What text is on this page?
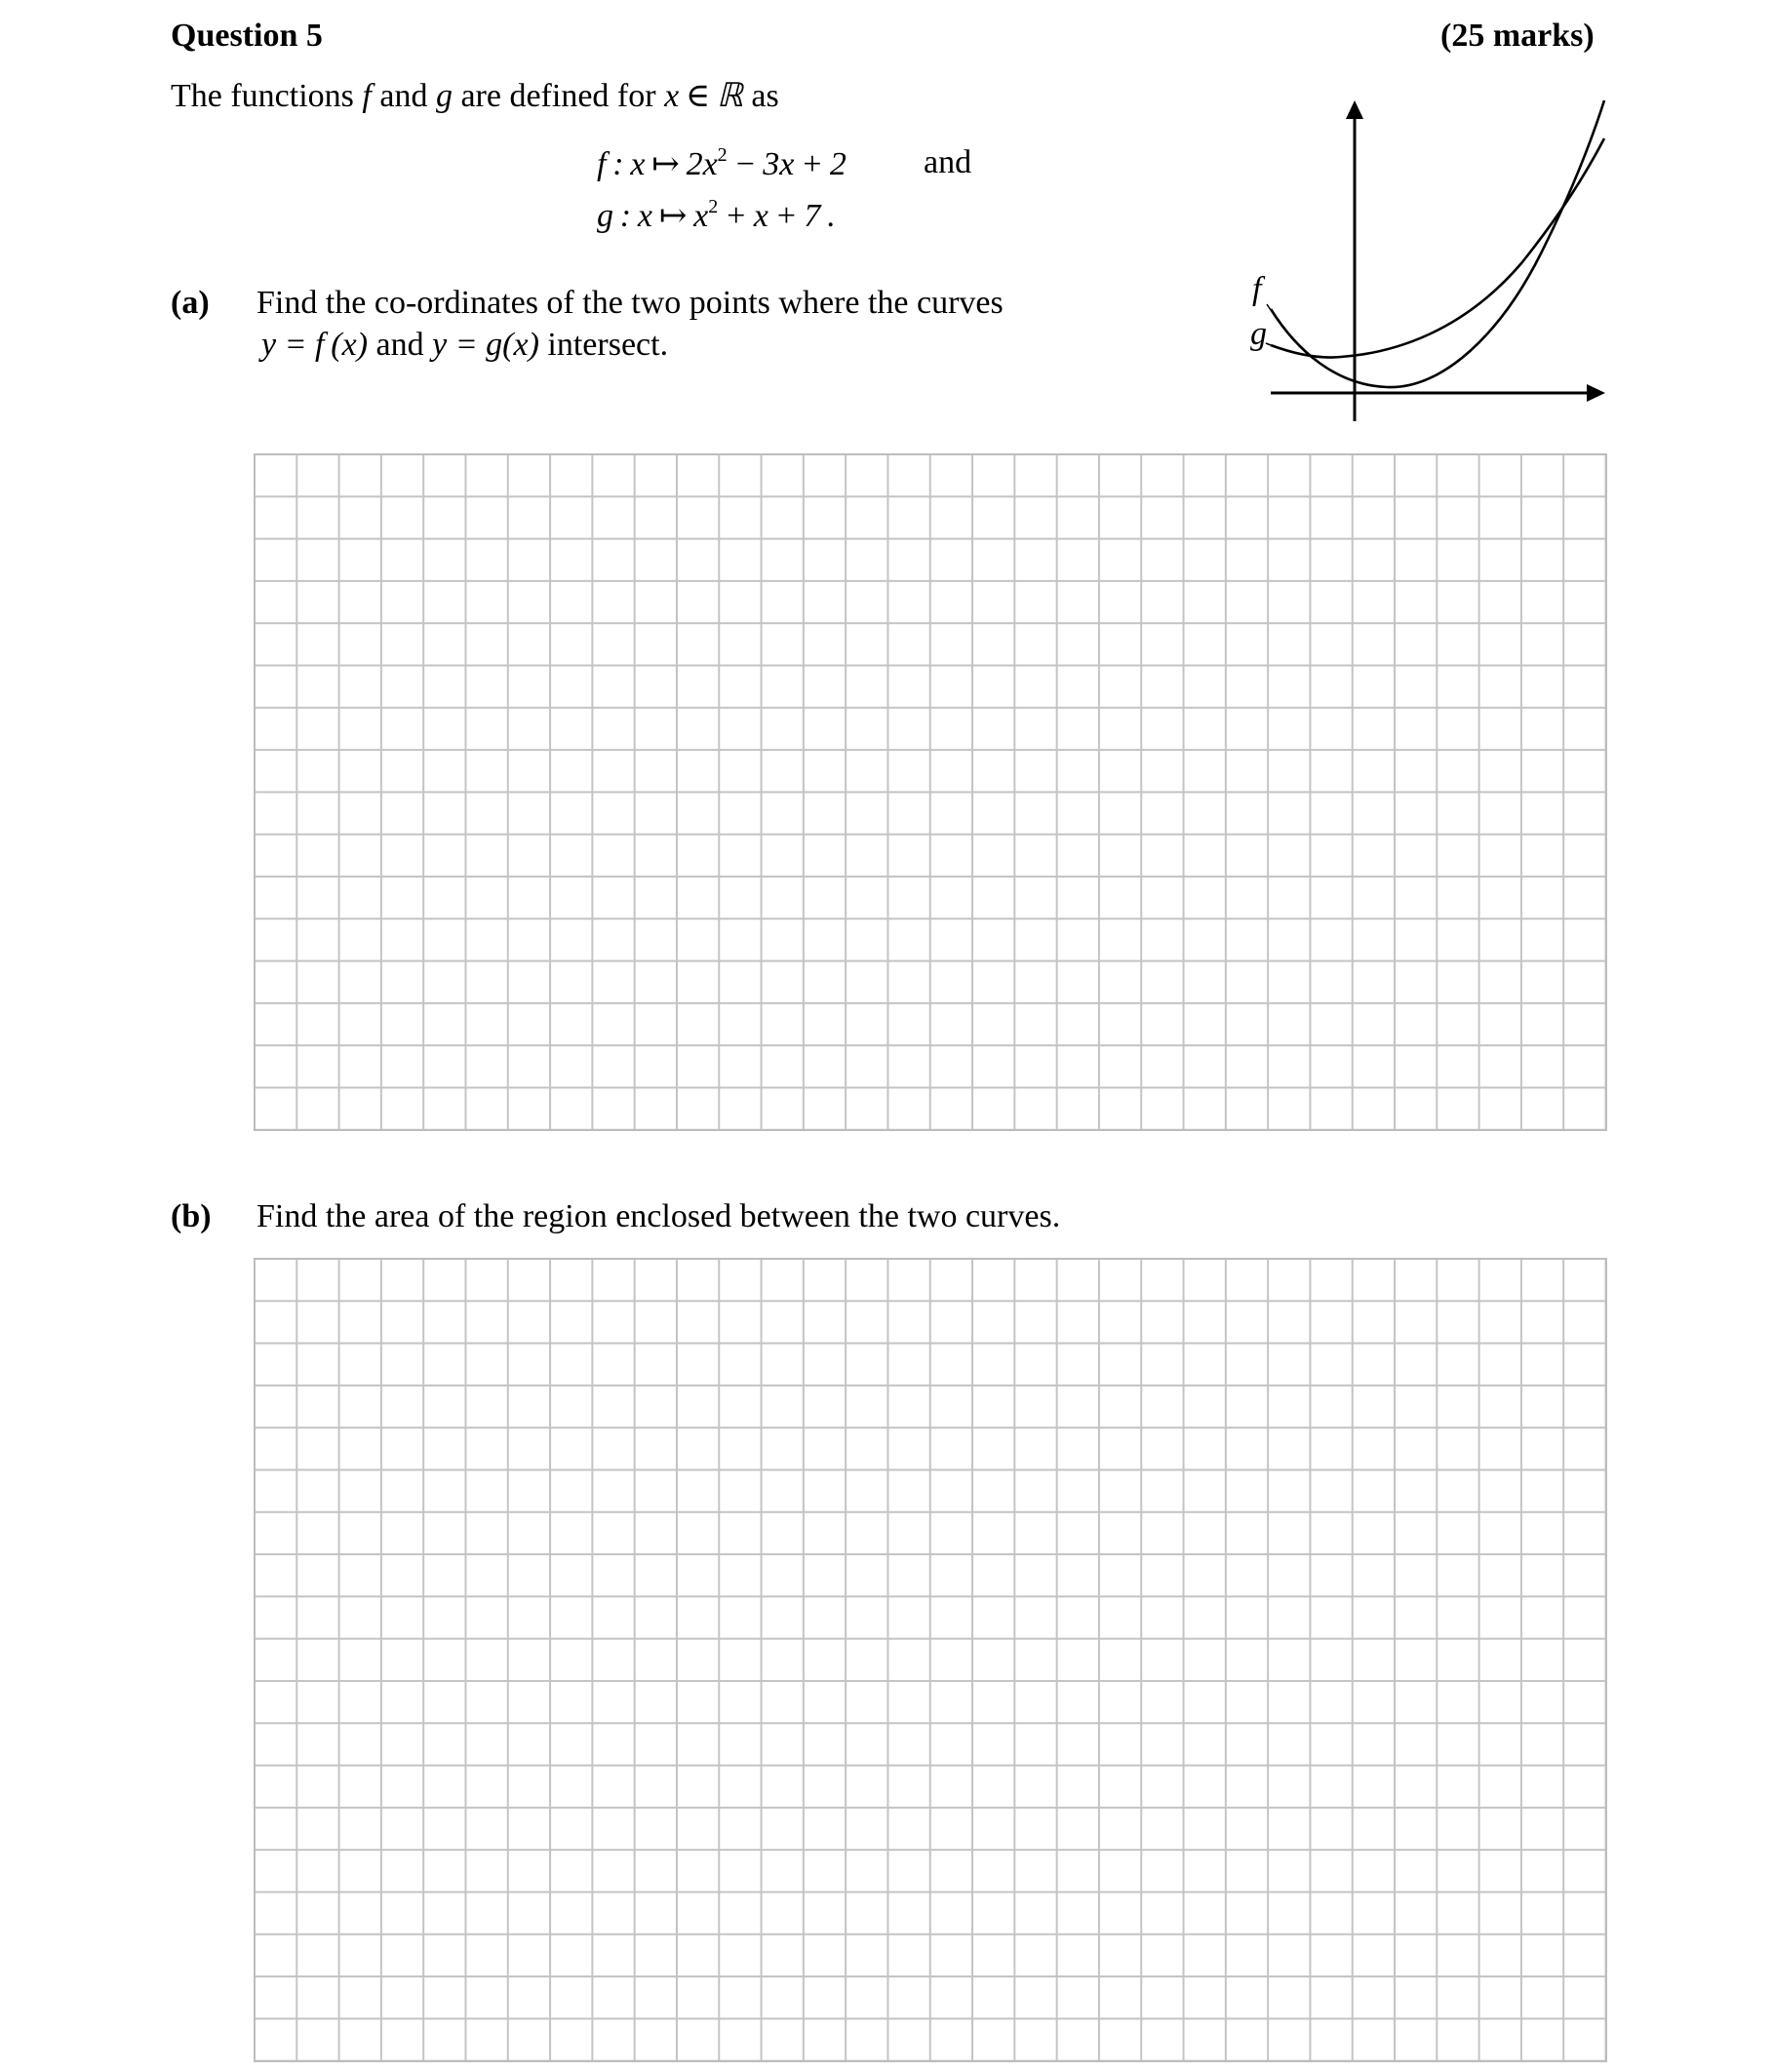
Question 5	(25 marks)
The functions f and g are defined for x ∈ ℝ as
f : x ↦ $2x^2 - 3x + 2$ and
g : x ↦ $x^2 + x + 7$ .
f
g
(a) Find the co-ordinates of the two points where the curves
y = f (x) and y = g(x) intersect.
(b) Find the area of the region enclosed between the two curves.
